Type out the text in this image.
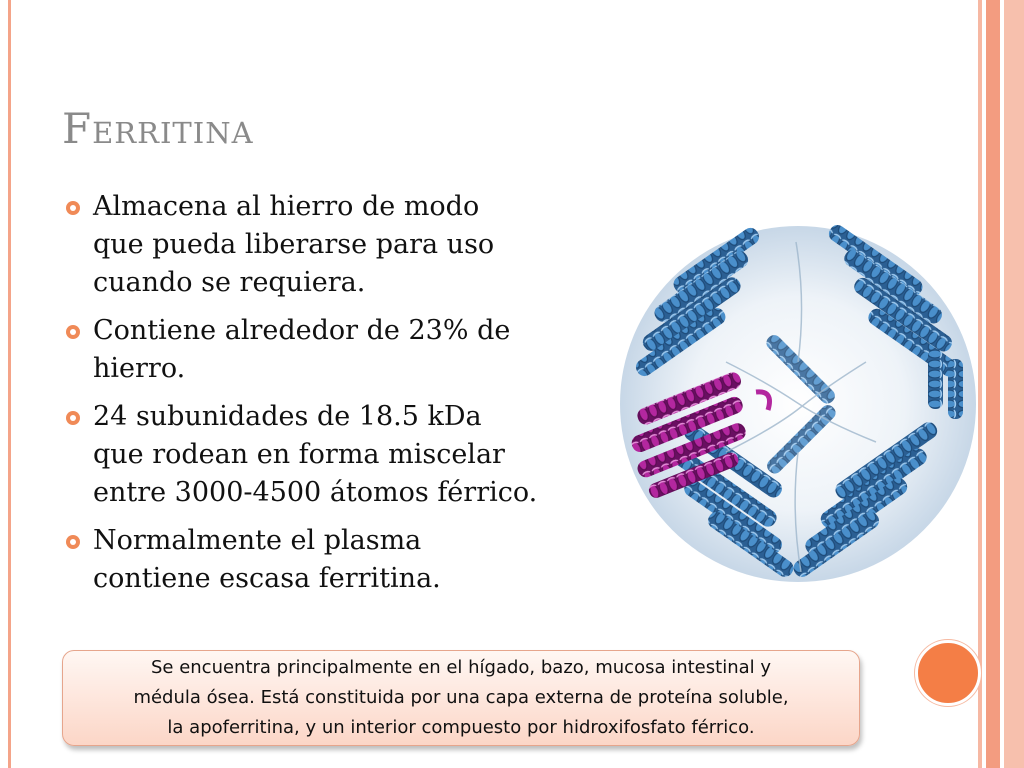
Ferritina
Almacena al hierro de modo
que pueda liberarse para uso
cuando se requiera.
Contiene alrededor de 23% de
hierro.
24 subunidades de 18.5 kDa
que rodean en forma miscelar
entre 3000-4500 átomos férrico.
Normalmente el plasma
contiene escasa ferritina.
Se encuentra principalmente en el hígado, bazo, mucosa intestinal y
médula ósea. Está constituida por una capa externa de proteína soluble,
la apoferritina, y un interior compuesto por hidroxifosfato férrico.
